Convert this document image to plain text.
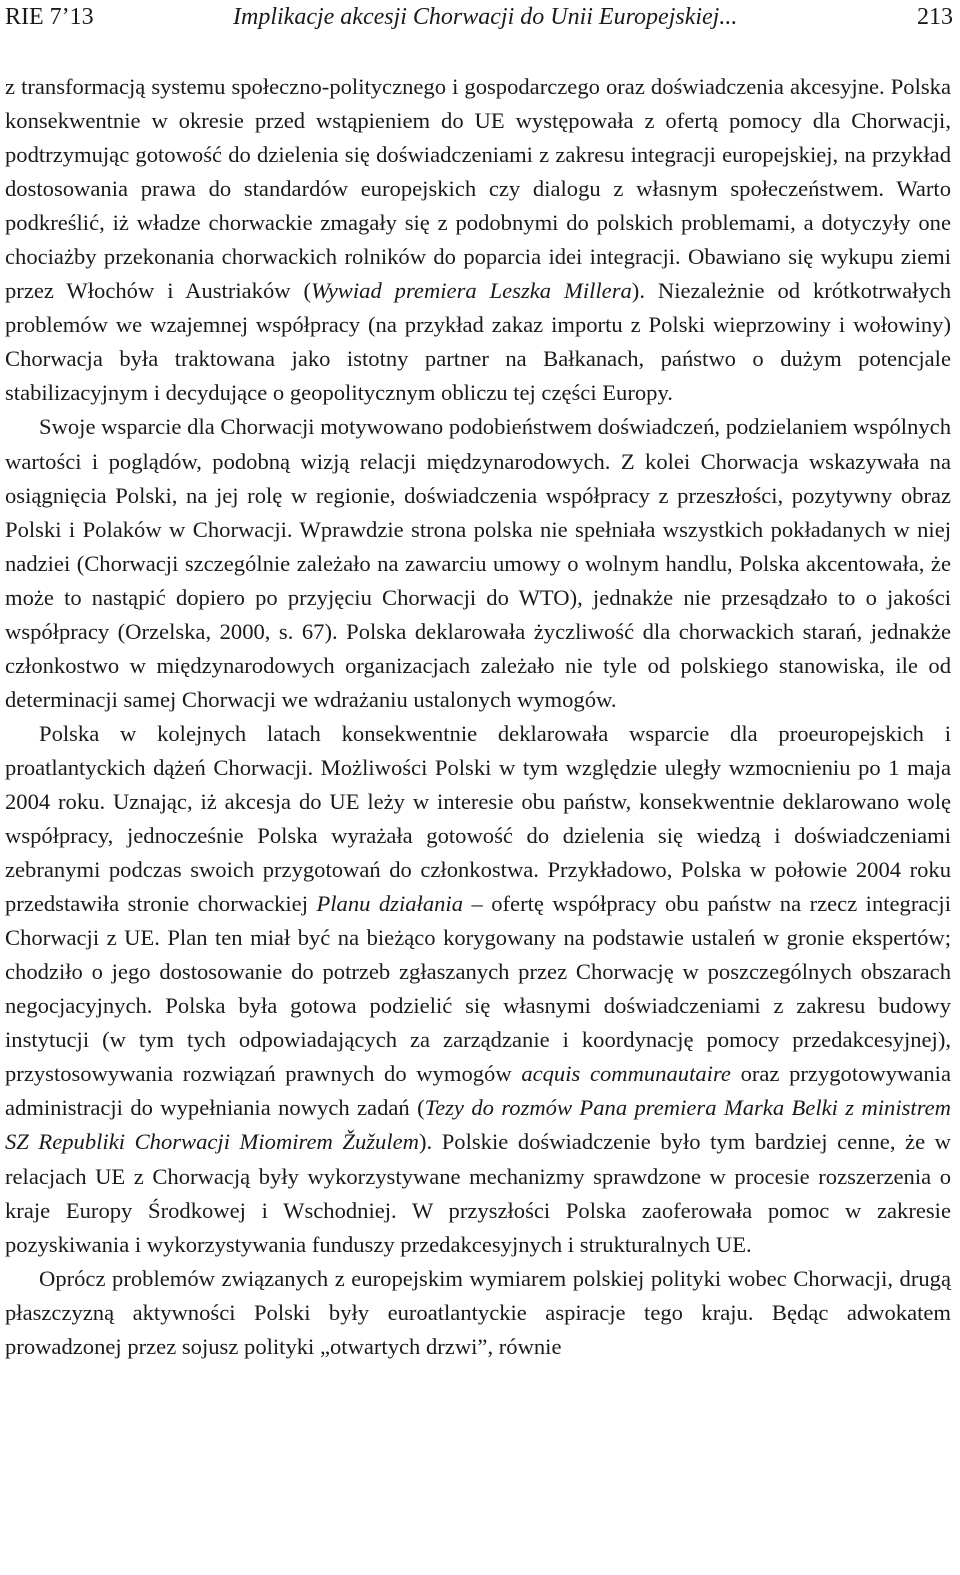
RIE 7’13	Implikacje akcesji Chorwacji do Unii Europejskiej...	213

z transformacją systemu społeczno-politycznego i gospodarczego oraz doświadczenia akcesyjne. Polska konsekwentnie w okresie przed wstąpieniem do UE występowała z ofertą pomocy dla Chorwacji, podtrzymując gotowość do dzielenia się doświadczeniami z zakresu integracji europejskiej, na przykład dostosowania prawa do standardów europejskich czy dialogu z własnym społeczeństwem. Warto podkreślić, iż władze chorwackie zmagały się z podobnymi do polskich problemami, a dotyczyły one chociażby przekonania chorwackich rolników do poparcia idei integracji. Obawiano się wykupu ziemi przez Włochów i Austriaków (Wywiad premiera Leszka Millera). Niezależnie od krótkotrwałych problemów we wzajemnej współpracy (na przykład zakaz importu z Polski wieprzowiny i wołowiny) Chorwacja była traktowana jako istotny partner na Bałkanach, państwo o dużym potencjale stabilizacyjnym i decydujące o geopolitycznym obliczu tej części Europy.

Swoje wsparcie dla Chorwacji motywowano podobieństwem doświadczeń, podzielaniem wspólnych wartości i poglądów, podobną wizją relacji międzynarodowych. Z kolei Chorwacja wskazywała na osiągnięcia Polski, na jej rolę w regionie, doświadczenia współpracy z przeszłości, pozytywny obraz Polski i Polaków w Chorwacji. Wprawdzie strona polska nie spełniała wszystkich pokładanych w niej nadziei (Chorwacji szczególnie zależało na zawarciu umowy o wolnym handlu, Polska akcentowała, że może to nastąpić dopiero po przyjęciu Chorwacji do WTO), jednakże nie przesądzało to o jakości współpracy (Orzelska, 2000, s. 67). Polska deklarowała życzliwość dla chorwackich starań, jednakże członkostwo w międzynarodowych organizacjach zależało nie tyle od polskiego stanowiska, ile od determinacji samej Chorwacji we wdrażaniu ustalonych wymogów.

Polska w kolejnych latach konsekwentnie deklarowała wsparcie dla proeuropejskich i proatlantyckich dążeń Chorwacji. Możliwości Polski w tym względzie uległy wzmocnieniu po 1 maja 2004 roku. Uznając, iż akcesja do UE leży w interesie obu państw, konsekwentnie deklarowano wolę współpracy, jednocześnie Polska wyrażała gotowość do dzielenia się wiedzą i doświadczeniami zebranymi podczas swoich przygotowań do członkostwa. Przykładowo, Polska w połowie 2004 roku przedstawiła stronie chorwackiej Planu działania – ofertę współpracy obu państw na rzecz integracji Chorwacji z UE. Plan ten miał być na bieżąco korygowany na podstawie ustaleń w gronie ekspertów; chodziło o jego dostosowanie do potrzeb zgłaszanych przez Chorwację w poszczególnych obszarach negocjacyjnych. Polska była gotowa podzielić się własnymi doświadczeniami z zakresu budowy instytucji (w tym tych odpowiadających za zarządzanie i koordynację pomocy przedakcesyjnej), przystosowywania rozwiązań prawnych do wymogów acquis communautaire oraz przygotowywania administracji do wypełniania nowych zadań (Tezy do rozmów Pana premiera Marka Belki z ministrem SZ Republiki Chorwacji Miomirem Žužulem). Polskie doświadczenie było tym bardziej cenne, że w relacjach UE z Chorwacją były wykorzystywane mechanizmy sprawdzone w procesie rozszerzenia o kraje Europy Środkowej i Wschodniej. W przyszłości Polska zaoferowała pomoc w zakresie pozyskiwania i wykorzystywania funduszy przedakcesyjnych i strukturalnych UE.

Oprócz problemów związanych z europejskim wymiarem polskiej polityki wobec Chorwacji, drugą płaszczyzną aktywności Polski były euroatlantyckie aspiracje tego kraju. Będąc adwokatem prowadzonej przez sojusz polityki „otwartych drzwi”, równie
